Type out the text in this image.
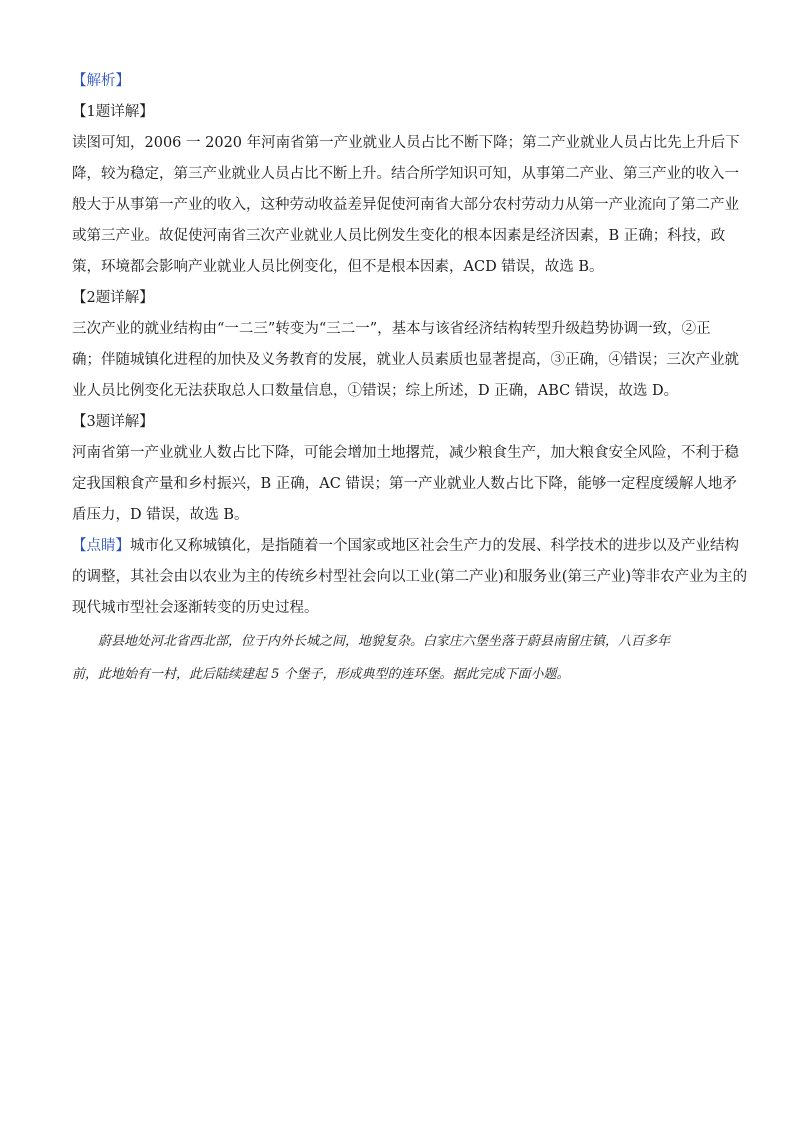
【解析】
【1题详解】
读图可知，2006 一 2020 年河南省第一产业就业人员占比不断下降；第二产业就业人员占比先上升后下
降，较为稳定，第三产业就业人员占比不断上升。结合所学知识可知，从事第二产业、第三产业的收入一
般大于从事第一产业的收入，这种劳动收益差异促使河南省大部分农村劳动力从第一产业流向了第二产业
或第三产业。故促使河南省三次产业就业人员比例发生变化的根本因素是经济因素，B 正确；科技，政
策，环境都会影响产业就业人员比例变化，但不是根本因素，ACD 错误，故选 B。
【2题详解】
三次产业的就业结构由“一二三”转变为“三二一”，基本与该省经济结构转型升级趋势协调一致，②正
确；伴随城镇化进程的加快及义务教育的发展，就业人员素质也显著提高，③正确，④错误；三次产业就
业人员比例变化无法获取总人口数量信息，①错误；综上所述，D 正确，ABC 错误，故选 D。
【3题详解】
河南省第一产业就业人数占比下降，可能会增加土地撂荒，减少粮食生产，加大粮食安全风险，不利于稳
定我国粮食产量和乡村振兴，B 正确，AC 错误；第一产业就业人数占比下降，能够一定程度缓解人地矛
盾压力，D 错误，故选 B。
【点睛】城市化又称城镇化，是指随着一个国家或地区社会生产力的发展、科学技术的进步以及产业结构
的调整，其社会由以农业为主的传统乡村型社会向以工业(第二产业)和服务业(第三产业)等非农产业为主的
现代城市型社会逐渐转变的历史过程。
蔚县地处河北省西北部，位于内外长城之间，地貌复杂。白家庄六堡坐落于蔚县南留庄镇，八百多年
前，此地始有一村，此后陆续建起 5 个堡子，形成典型的连环堡。据此完成下面小题。
